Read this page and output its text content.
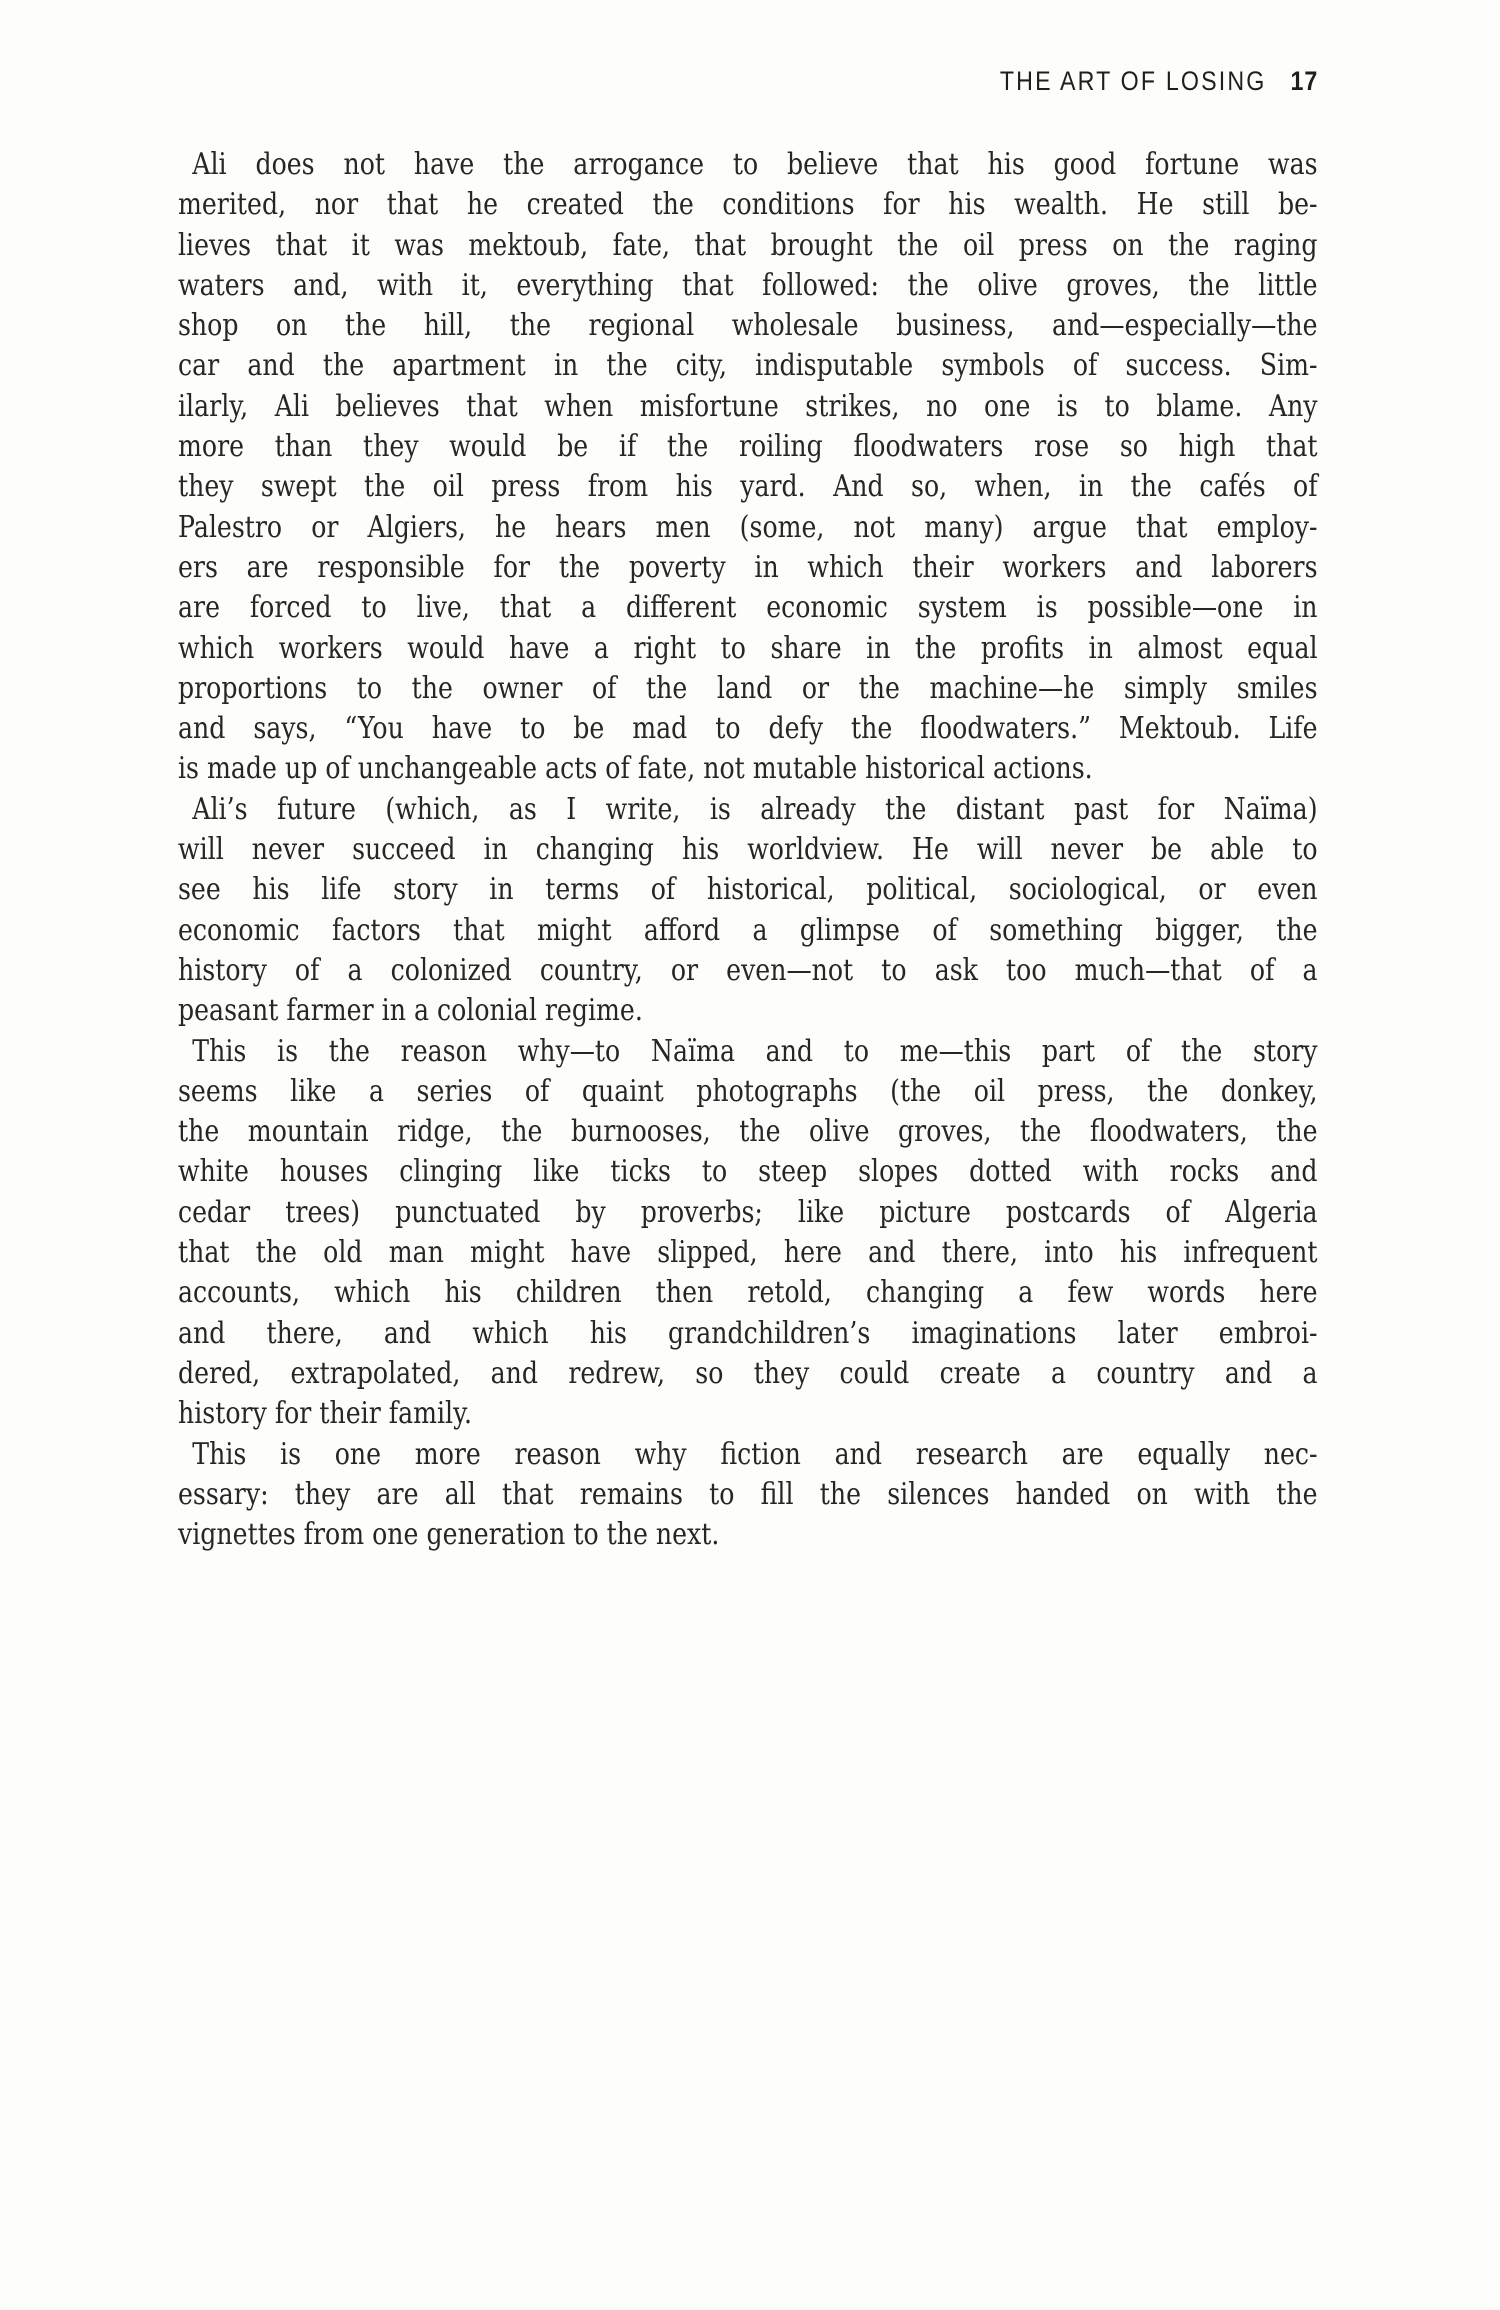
THE ART OF LOSING 17
Ali does not have the arrogance to believe that his good fortune was
merited, nor that he created the conditions for his wealth. He still be-
lieves that it was mektoub, fate, that brought the oil press on the raging
waters and, with it, everything that followed: the olive groves, the little
shop on the hill, the regional wholesale business, and—especially—the
car and the apartment in the city, indisputable symbols of success. Sim-
ilarly, Ali believes that when misfortune strikes, no one is to blame. Any
more than they would be if the roiling floodwaters rose so high that
they swept the oil press from his yard. And so, when, in the cafés of
Palestro or Algiers, he hears men (some, not many) argue that employ-
ers are responsible for the poverty in which their workers and laborers
are forced to live, that a different economic system is possible—one in
which workers would have a right to share in the profits in almost equal
proportions to the owner of the land or the machine—he simply smiles
and says, “You have to be mad to defy the floodwaters.” Mektoub. Life
is made up of unchangeable acts of fate, not mutable historical actions.
Ali’s future (which, as I write, is already the distant past for Naïma)
will never succeed in changing his worldview. He will never be able to
see his life story in terms of historical, political, sociological, or even
economic factors that might afford a glimpse of something bigger, the
history of a colonized country, or even—not to ask too much—that of a
peasant farmer in a colonial regime.
This is the reason why—to Naïma and to me—this part of the story
seems like a series of quaint photographs (the oil press, the donkey,
the mountain ridge, the burnooses, the olive groves, the floodwaters, the
white houses clinging like ticks to steep slopes dotted with rocks and
cedar trees) punctuated by proverbs; like picture postcards of Algeria
that the old man might have slipped, here and there, into his infrequent
accounts, which his children then retold, changing a few words here
and there, and which his grandchildren’s imaginations later embroi-
dered, extrapolated, and redrew, so they could create a country and a
history for their family.
This is one more reason why fiction and research are equally nec-
essary: they are all that remains to fill the silences handed on with the
vignettes from one generation to the next.
